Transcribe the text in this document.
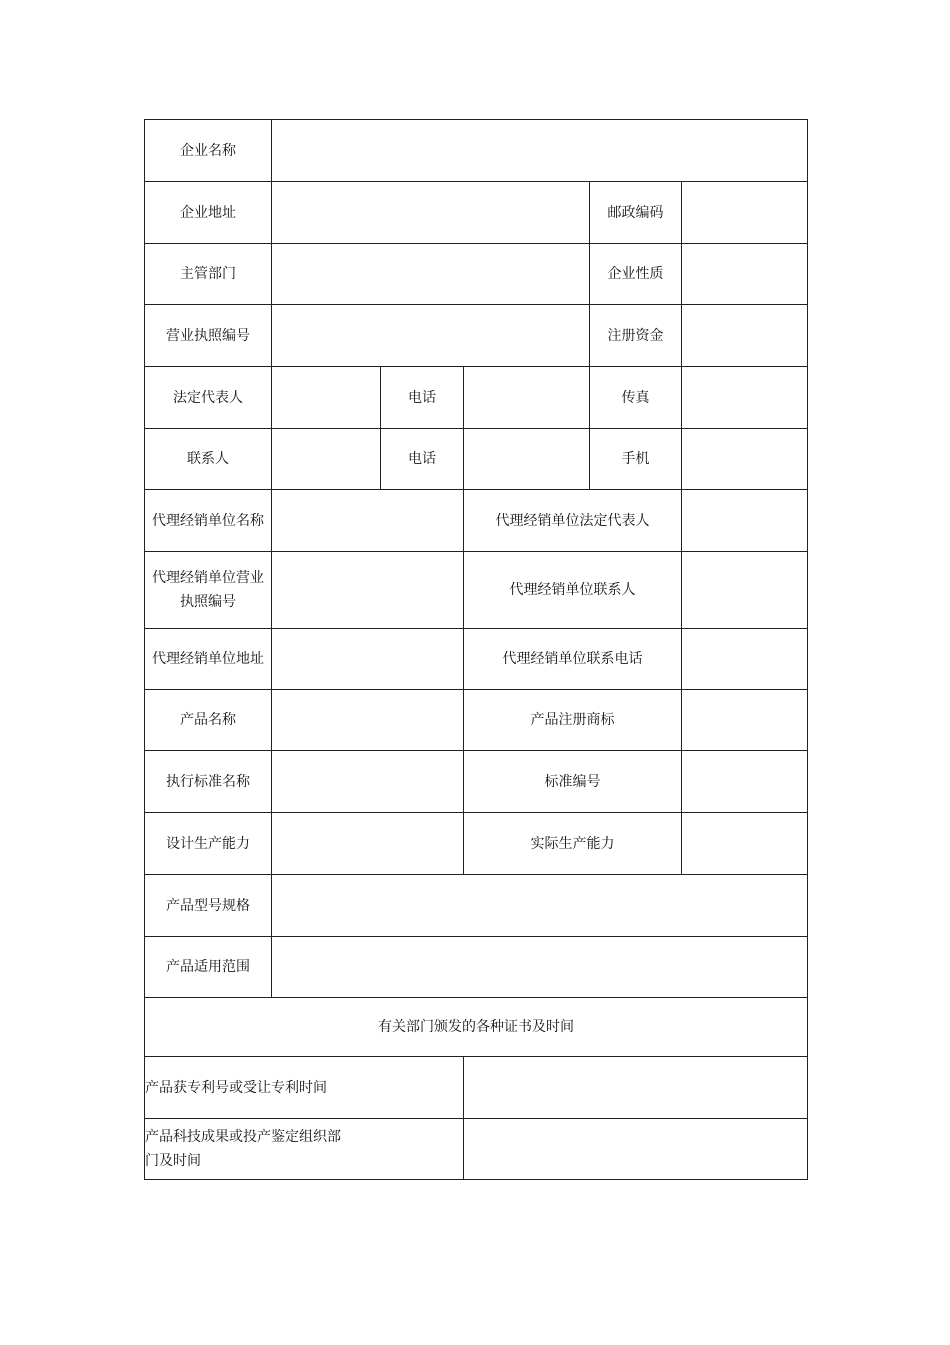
企业名称					
企业地址				邮政编码	
主管部门				企业性质	
营业执照编号				注册资金	
法定代表人		电话		传真	
联系人		电话		手机	
代理经销单位名称			代理经销单位法定代表人		
代理经销单位营业执照编号			代理经销单位联系人		
代理经销单位地址			代理经销单位联系电话		
产品名称			产品注册商标		
执行标准名称			标准编号		
设计生产能力			实际生产能力		
产品型号规格					
产品适用范围					
有关部门颁发的各种证书及时间					
产品获专利号或受让专利时间					

产品科技成果或投产鉴定组织部门及时间					
